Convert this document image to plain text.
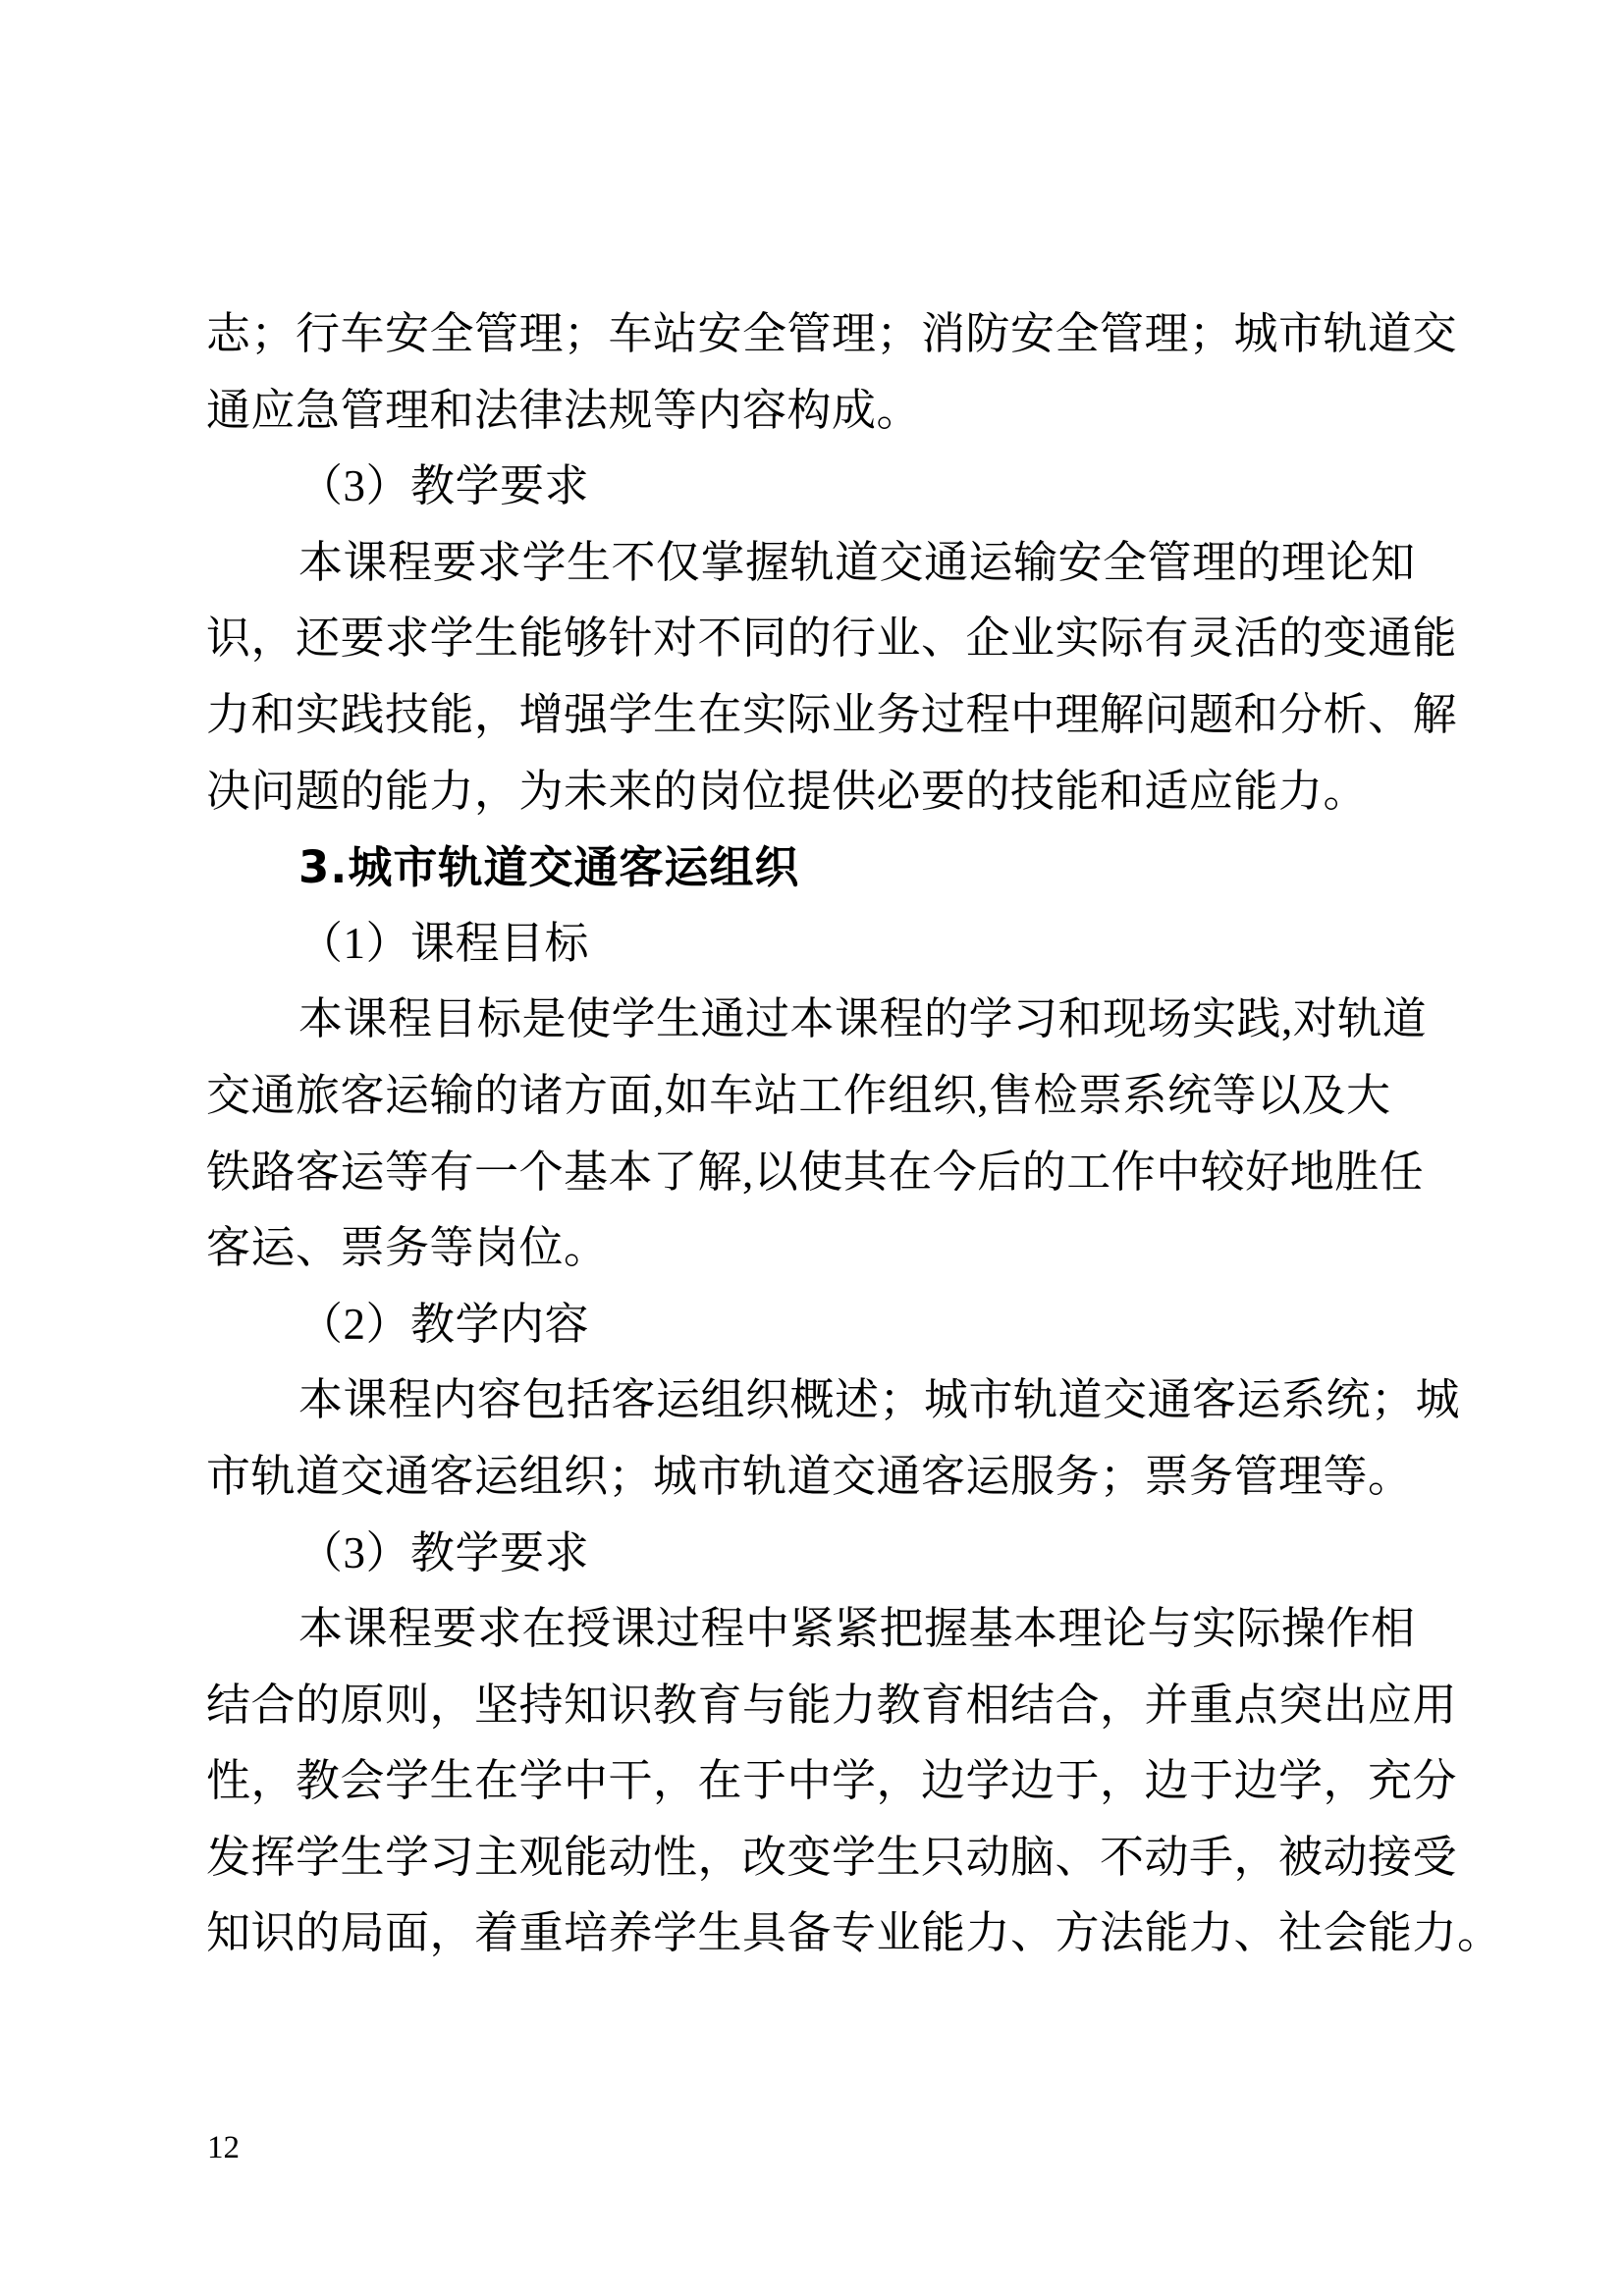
志；行车安全管理；车站安全管理；消防安全管理；城市轨道交
通应急管理和法律法规等内容构成。
（3）教学要求
本课程要求学生不仅掌握轨道交通运输安全管理的理论知
识，还要求学生能够针对不同的行业、企业实际有灵活的变通能
力和实践技能，增强学生在实际业务过程中理解问题和分析、解
决问题的能力，为未来的岗位提供必要的技能和适应能力。
3.城市轨道交通客运组织
（1）课程目标
本课程目标是使学生通过本课程的学习和现场实践,对轨道
交通旅客运输的诸方面,如车站工作组织,售检票系统等以及大
铁路客运等有一个基本了解,以使其在今后的工作中较好地胜任
客运、票务等岗位。
（2）教学内容
本课程内容包括客运组织概述；城市轨道交通客运系统；城
市轨道交通客运组织；城市轨道交通客运服务；票务管理等。
（3）教学要求
本课程要求在授课过程中紧紧把握基本理论与实际操作相
结合的原则，坚持知识教育与能力教育相结合，并重点突出应用
性，教会学生在学中干，在于中学，边学边于，边于边学，充分
发挥学生学习主观能动性，改变学生只动脑、不动手，被动接受
知识的局面，着重培养学生具备专业能力、方法能力、社会能力。
12
